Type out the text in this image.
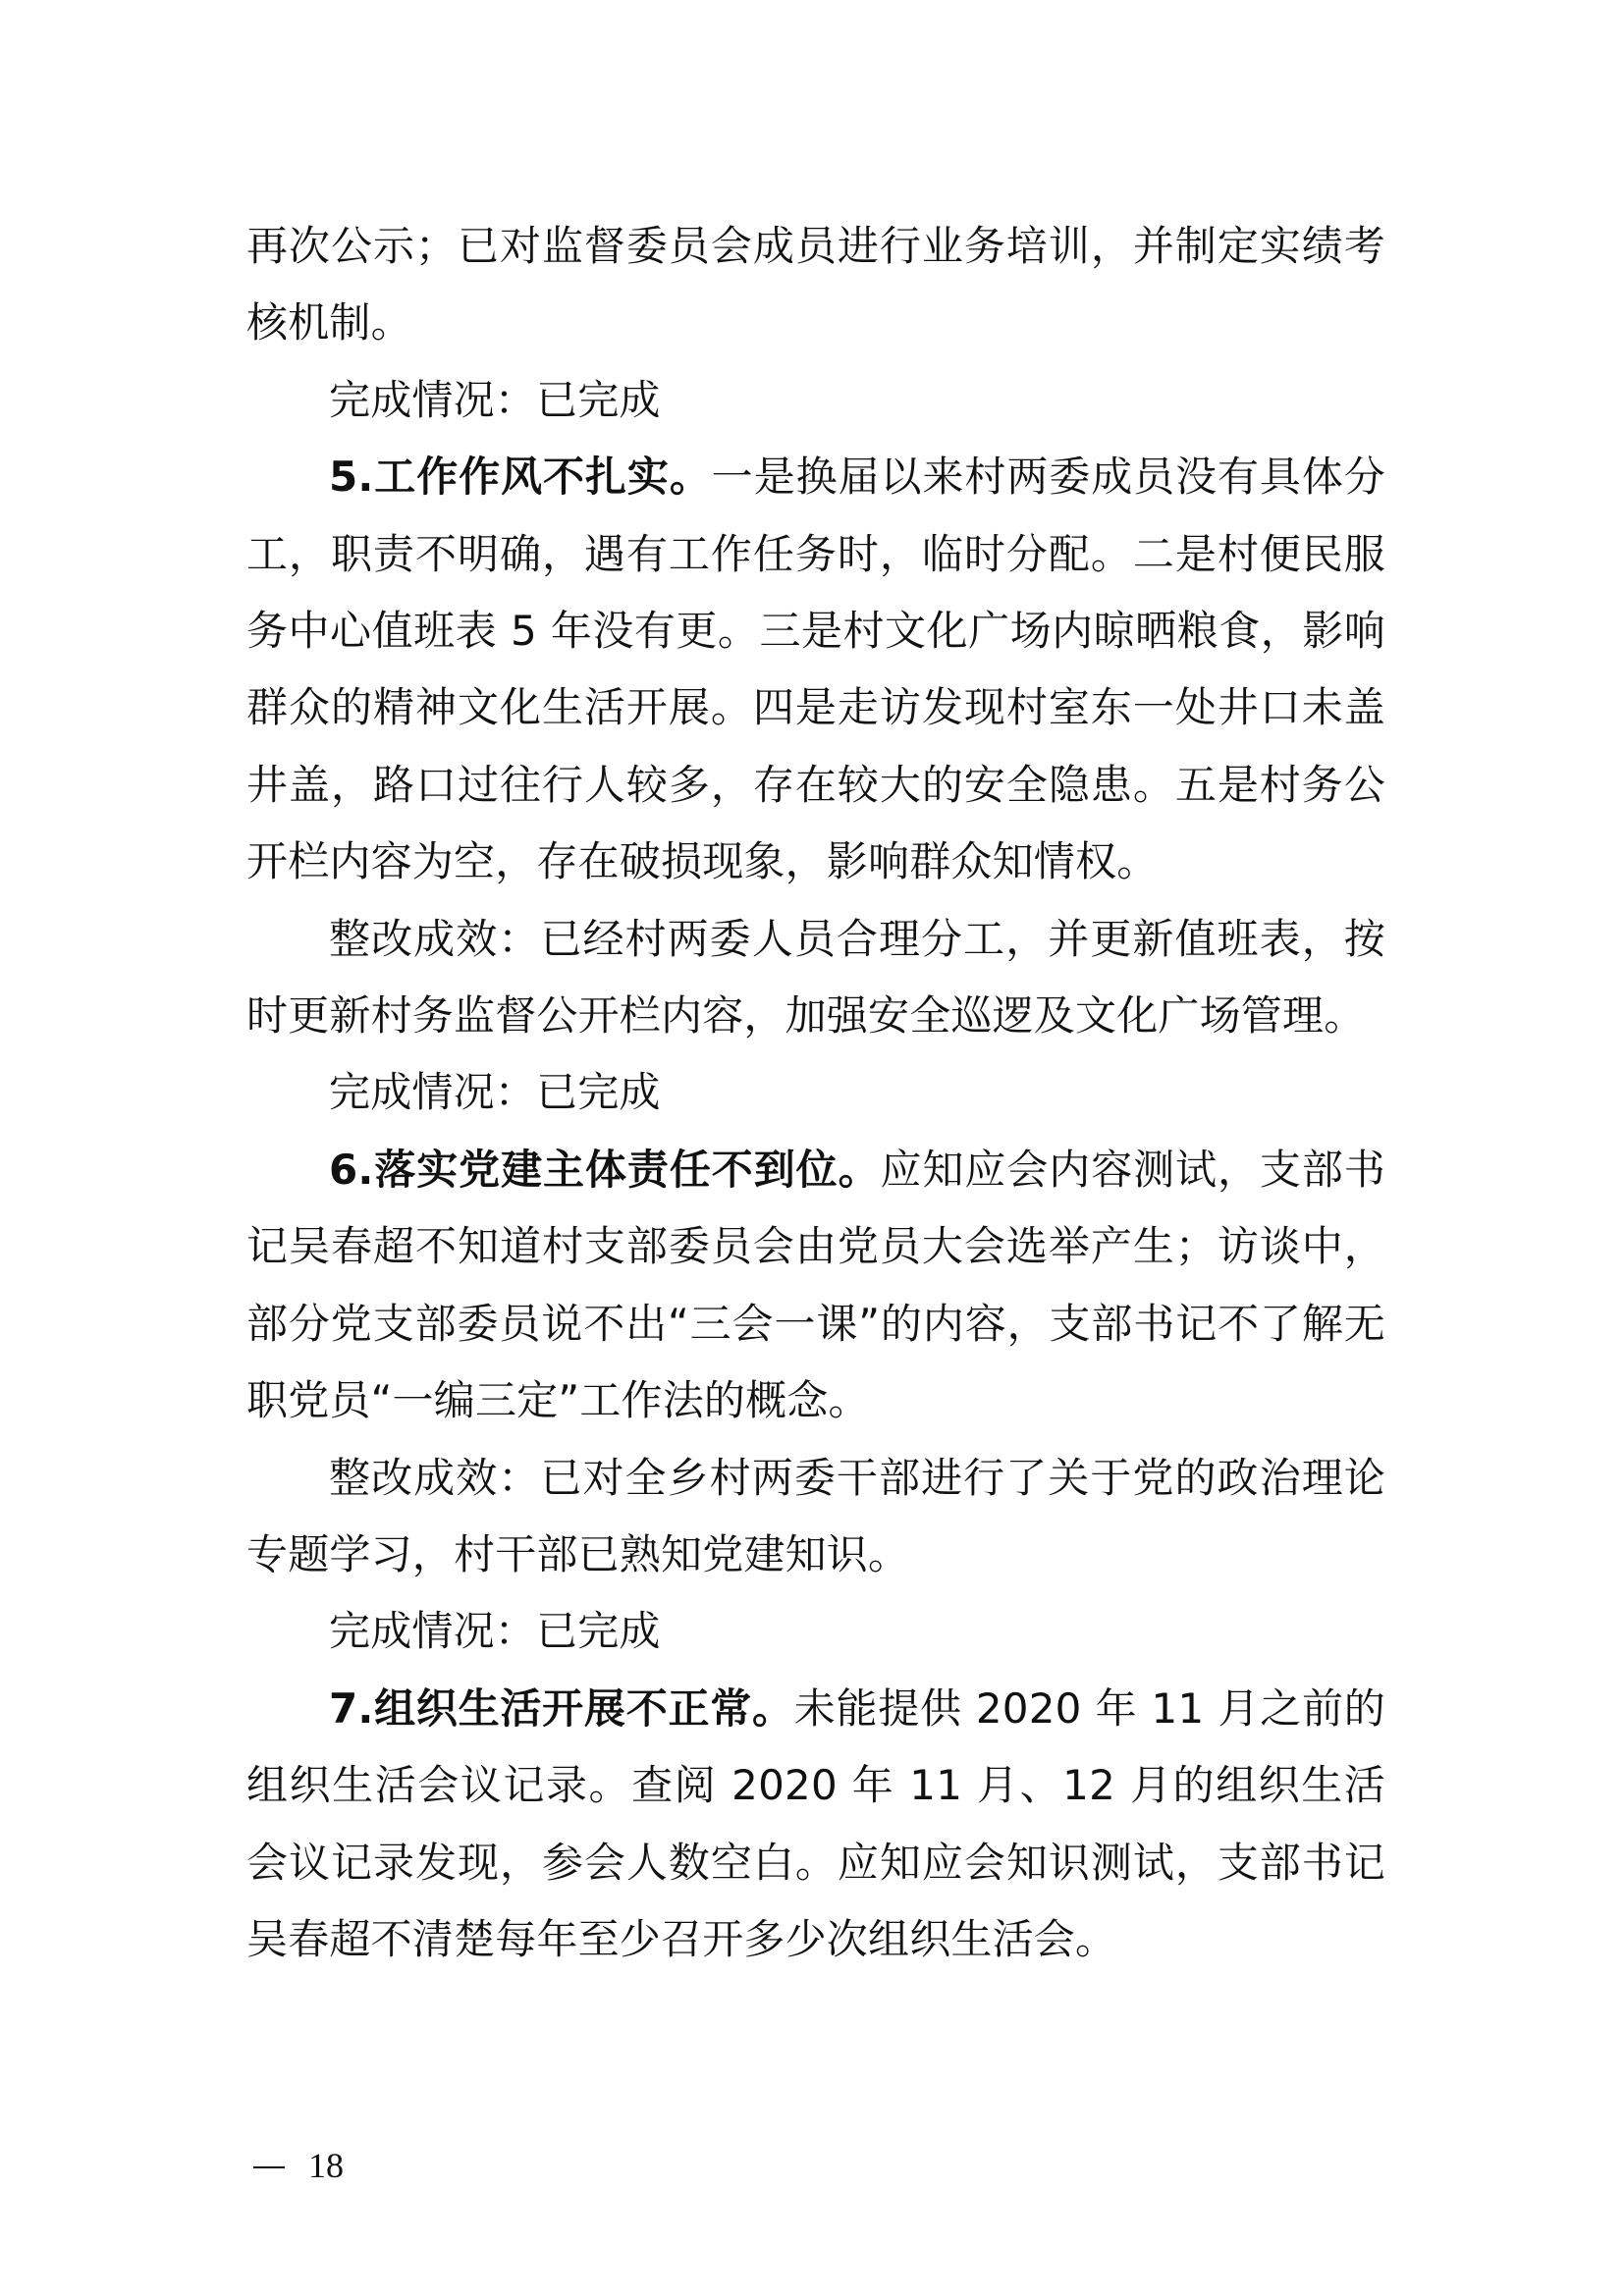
再次公示；已对监督委员会成员进行业务培训，并制定实绩考核机制。

完成情况：已完成

5.工作作风不扎实。一是换届以来村两委成员没有具体分工，职责不明确，遇有工作任务时，临时分配。二是村便民服务中心值班表 5 年没有更。三是村文化广场内晾晒粮食，影响群众的精神文化生活开展。四是走访发现村室东一处井口未盖井盖，路口过往行人较多，存在较大的安全隐患。五是村务公开栏内容为空，存在破损现象，影响群众知情权。

整改成效：已经村两委人员合理分工，并更新值班表，按时更新村务监督公开栏内容，加强安全巡逻及文化广场管理。

完成情况：已完成

6.落实党建主体责任不到位。应知应会内容测试，支部书记吴春超不知道村支部委员会由党员大会选举产生；访谈中，部分党支部委员说不出“三会一课”的内容，支部书记不了解无职党员“一编三定”工作法的概念。

整改成效：已对全乡村两委干部进行了关于党的政治理论专题学习，村干部已熟知党建知识。

完成情况：已完成

7.组织生活开展不正常。未能提供 2020 年 11 月之前的组织生活会议记录。查阅 2020 年 11 月、12 月的组织生活会议记录发现，参会人数空白。应知应会知识测试，支部书记吴春超不清楚每年至少召开多少次组织生活会。

18
